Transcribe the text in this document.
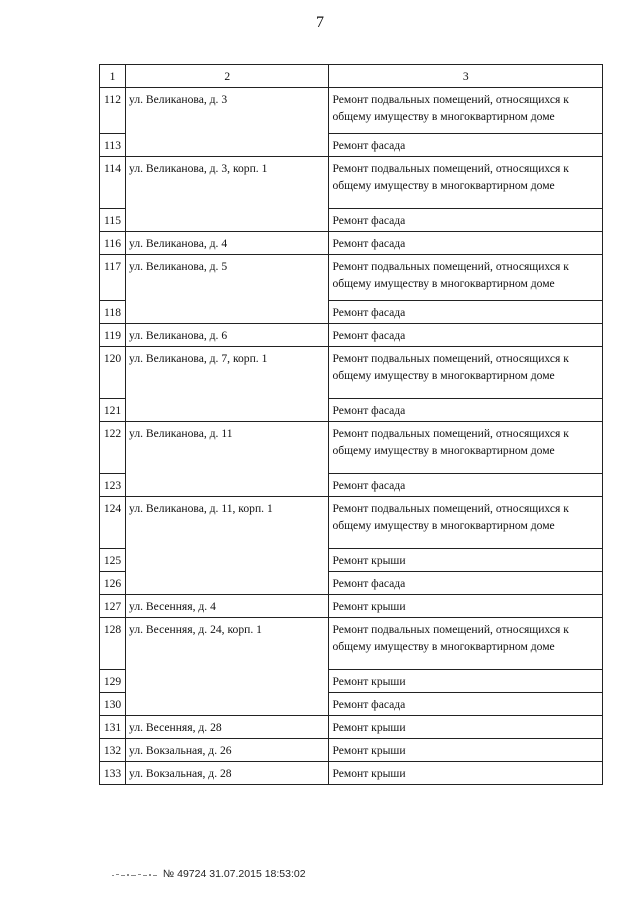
7
1	2	3
112	ул. Великанова, д. 3	Ремонт подвальных помещений, относящихся к общему имуществу в многоквартирном доме
113		Ремонт фасада
114	ул. Великанова, д. 3, корп. 1	Ремонт подвальных помещений, относящихся к общему имуществу в многоквартирном доме
115		Ремонт фасада
116	ул. Великанова, д. 4	Ремонт фасада
117	ул. Великанова, д. 5	Ремонт подвальных помещений, относящихся к общему имуществу в многоквартирном доме
118		Ремонт фасада
119	ул. Великанова, д. 6	Ремонт фасада
120	ул. Великанова, д. 7, корп. 1	Ремонт подвальных помещений, относящихся к общему имуществу в многоквартирном доме
121		Ремонт фасада
122	ул. Великанова, д. 11	Ремонт подвальных помещений, относящихся к общему имуществу в многоквартирном доме
123		Ремонт фасада
124	ул. Великанова, д. 11, корп. 1	Ремонт подвальных помещений, относящихся к общему имуществу в многоквартирном доме
125		Ремонт крыши
126		Ремонт фасада
127	ул. Весенняя, д. 4	Ремонт крыши
128	ул. Весенняя, д. 24, корп. 1	Ремонт подвальных помещений, относящихся к общему имуществу в многоквартирном доме
129		Ремонт крыши
130		Ремонт фасада
131	ул. Весенняя, д. 28	Ремонт крыши
132	ул. Вокзальная, д. 26	Ремонт крыши
133	ул. Вокзальная, д. 28	Ремонт крыши
№ 49724 31.07.2015 18:53:02
